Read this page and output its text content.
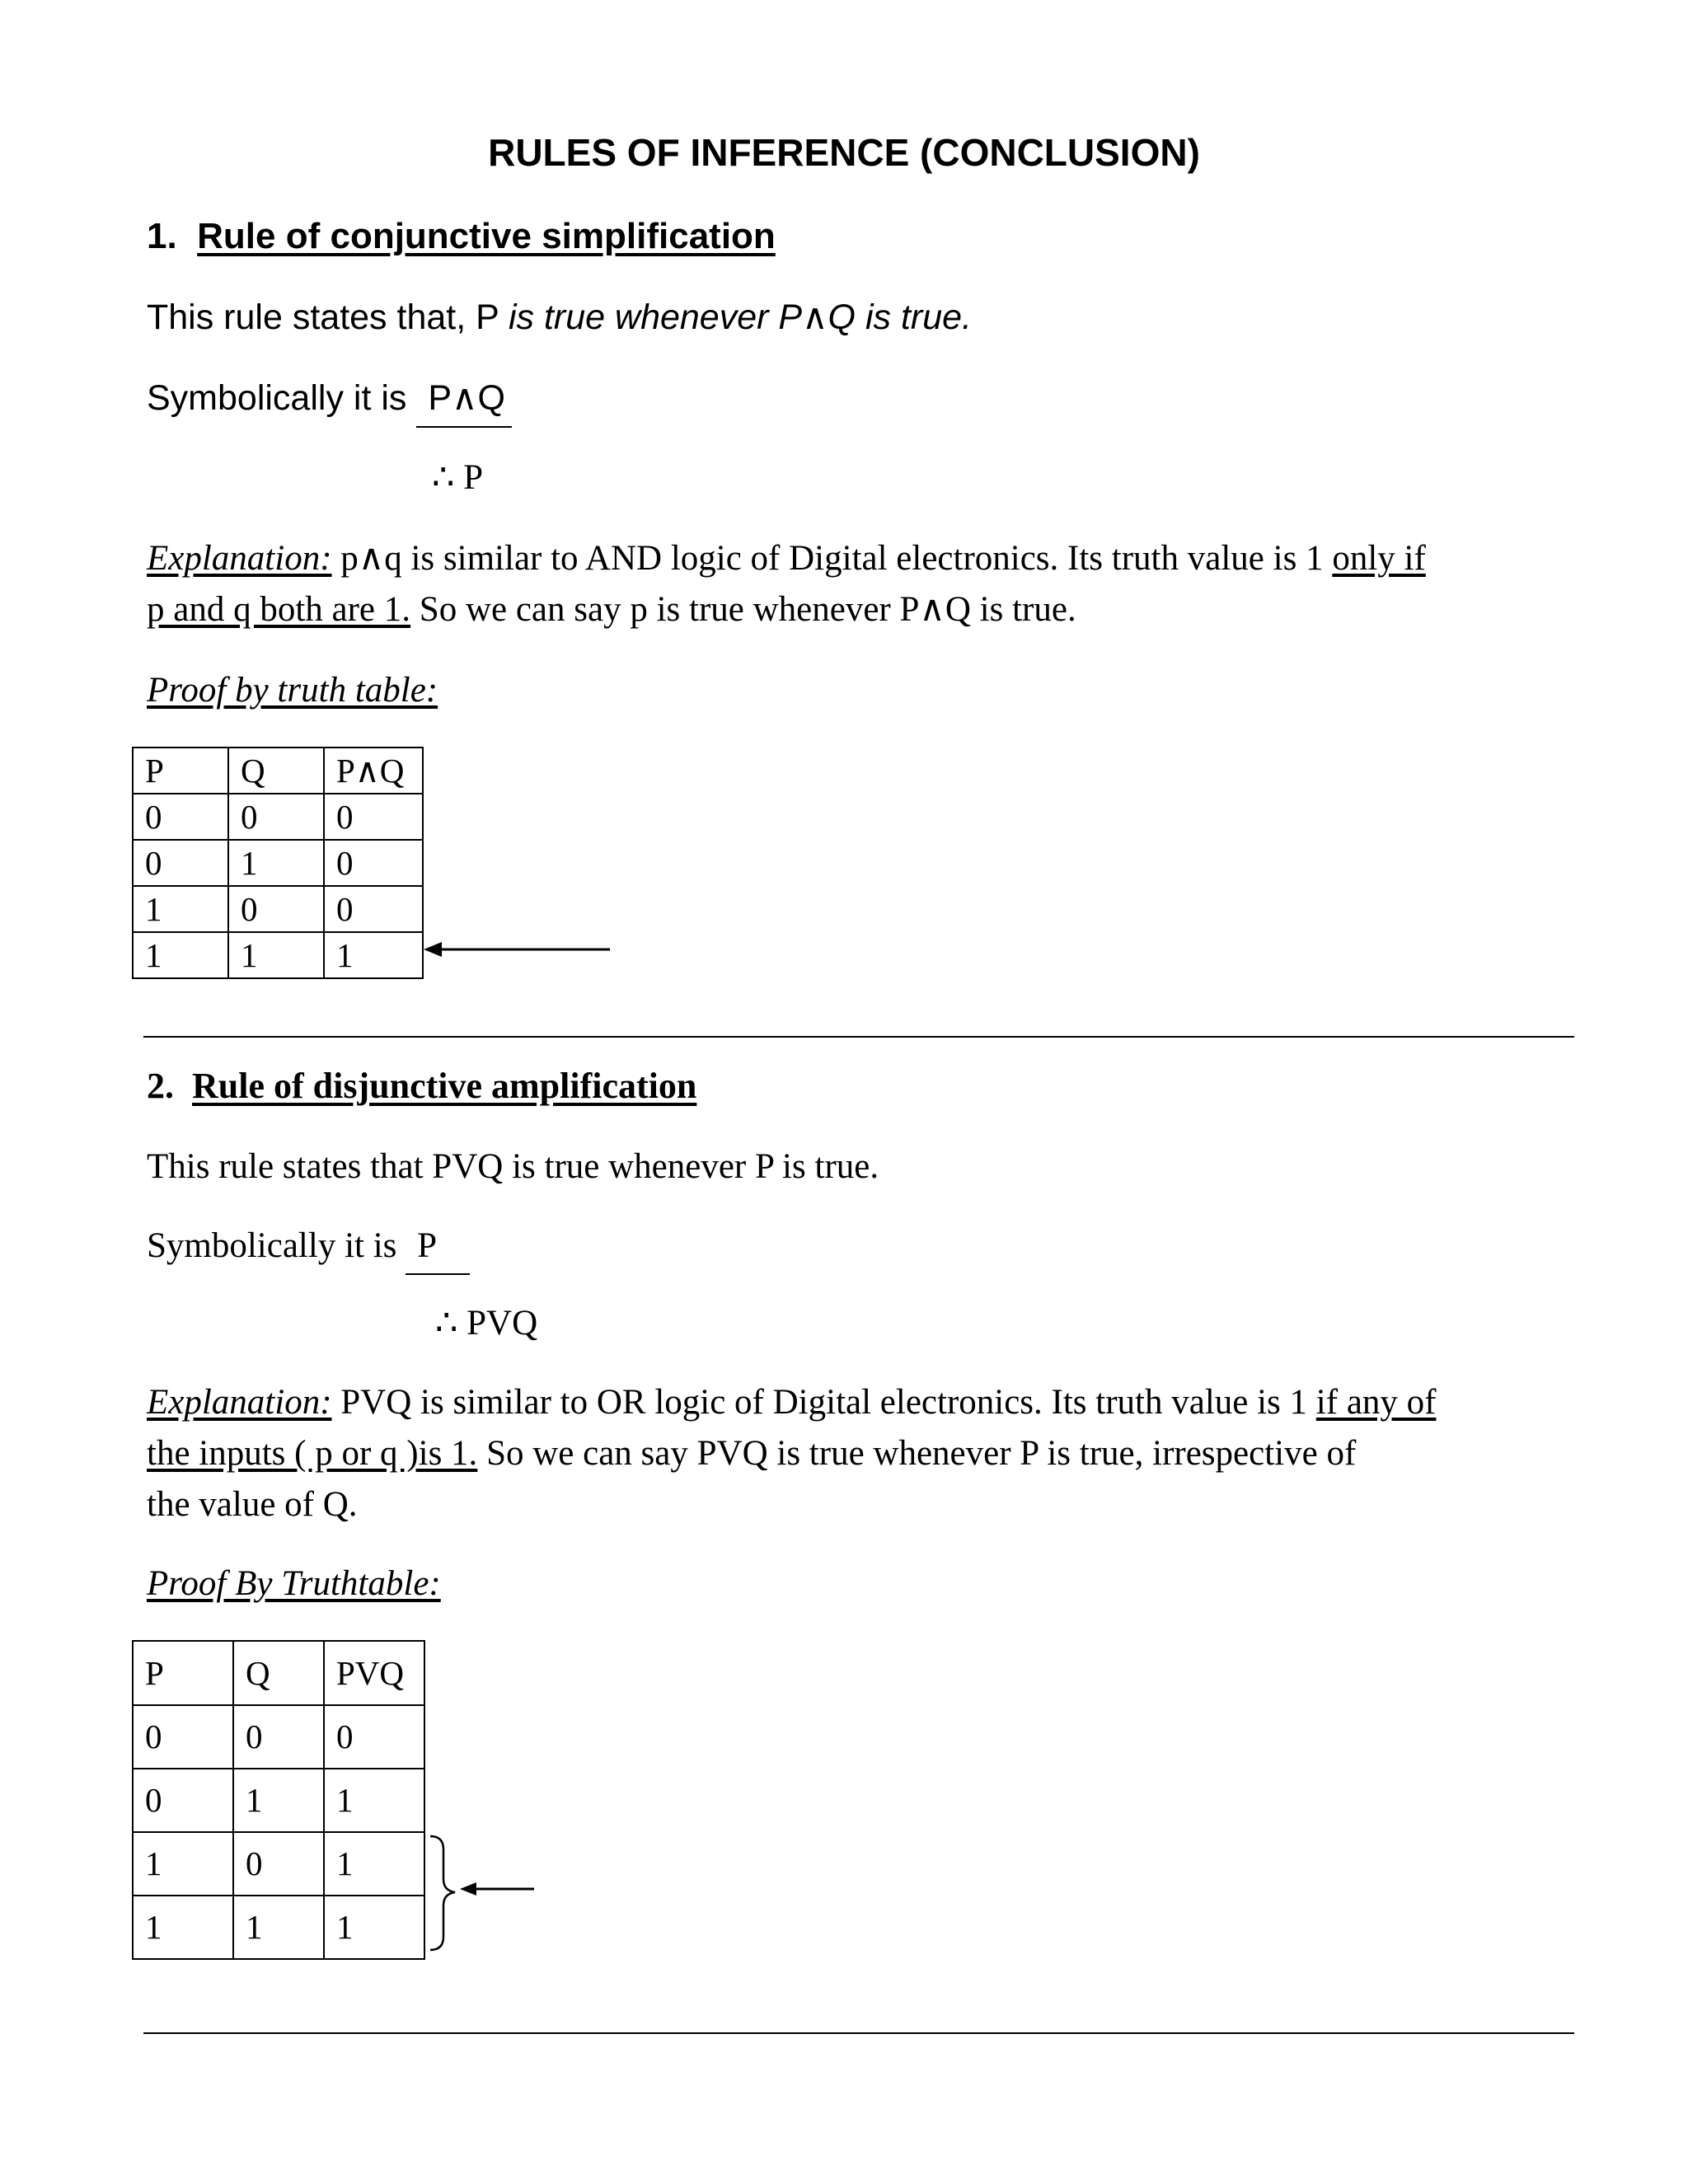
RULES OF INFERENCE (CONCLUSION)
1. Rule of conjunctive simplification
This rule states that, P is true whenever P∧Q is true.
Symbolically it is P∧Q
∴ P
Explanation: p∧q is similar to AND logic of Digital electronics. Its truth value is 1 only if
p and q both are 1. So we can say p is true whenever P∧Q is true.
Proof by truth table:
P	Q	P∧Q
0	0	0
0	1	0
1	0	0
1	1	1
2. Rule of disjunctive amplification
This rule states that PVQ is true whenever P is true.
Symbolically it is P
∴ PVQ
Explanation: PVQ is similar to OR logic of Digital electronics. Its truth value is 1 if any of
the inputs ( p or q )is 1. So we can say PVQ is true whenever P is true, irrespective of
the value of Q.
Proof By Truthtable:
P	Q	PVQ
0	0	0
0	1	1
1	0	1
1	1	1
